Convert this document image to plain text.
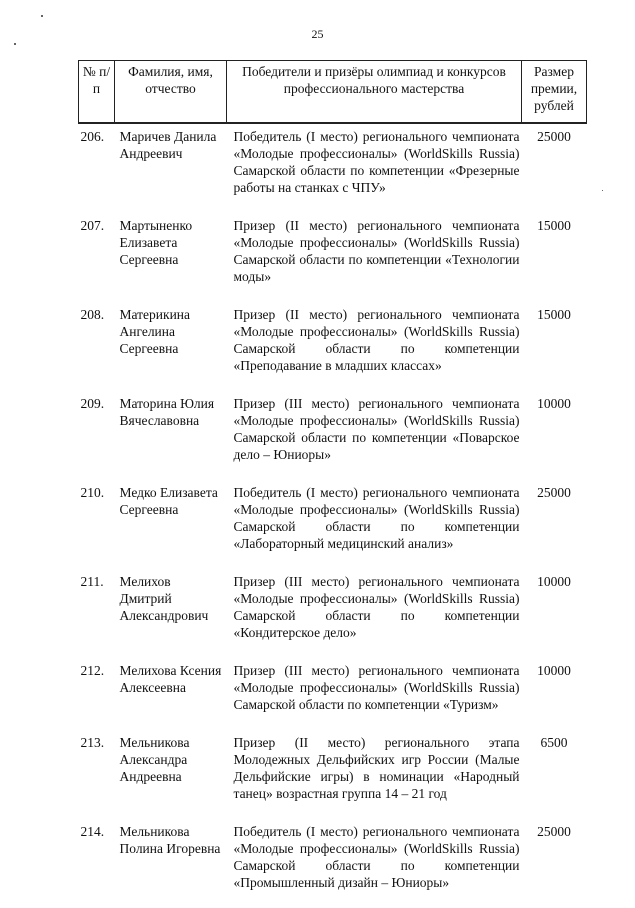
25
№ п/п	Фамилия, имя, отчество	Победители и призёры олимпиад и конкурсов профессионального мастерства	Размер премии, рублей
206.	Маричев Данила Андреевич	Победитель (I место) регионального чемпионата «Молодые профессионалы» (WorldSkills Russia) Самарской области по компетенции «Фрезерные работы на станках с ЧПУ»	25000
207.	Мартыненко Елизавета Сергеевна	Призер (II место) регионального чемпионата «Молодые профессионалы» (WorldSkills Russia) Самарской области по компетенции «Технологии моды»	15000
208.	Материкина Ангелина Сергеевна	Призер (II место) регионального чемпионата «Молодые профессионалы» (WorldSkills Russia) Самарской области по компетенции «Преподавание в младших классах»	15000
209.	Маторина Юлия Вячеславовна	Призер (III место) регионального чемпионата «Молодые профессионалы» (WorldSkills Russia) Самарской области по компетенции «Поварское дело – Юниоры»	10000
210.	Медко Елизавета Сергеевна	Победитель (I место) регионального чемпионата «Молодые профессионалы» (WorldSkills Russia) Самарской области по компетенции «Лабораторный медицинский анализ»	25000
211.	Мелихов Дмитрий Александрович	Призер (III место) регионального чемпионата «Молодые профессионалы» (WorldSkills Russia) Самарской области по компетенции «Кондитерское дело»	10000
212.	Мелихова Ксения Алексеевна	Призер (III место) регионального чемпионата «Молодые профессионалы» (WorldSkills Russia) Самарской области по компетенции «Туризм»	10000
213.	Мельникова Александра Андреевна	Призер (II место) регионального этапа Молодежных Дельфийских игр России (Малые Дельфийские игры) в номинации «Народный танец» возрастная группа 14 – 21 год	6500
214.	Мельникова Полина Игоревна	Победитель (I место) регионального чемпионата «Молодые профессионалы» (WorldSkills Russia) Самарской области по компетенции «Промышленный дизайн – Юниоры»	25000
